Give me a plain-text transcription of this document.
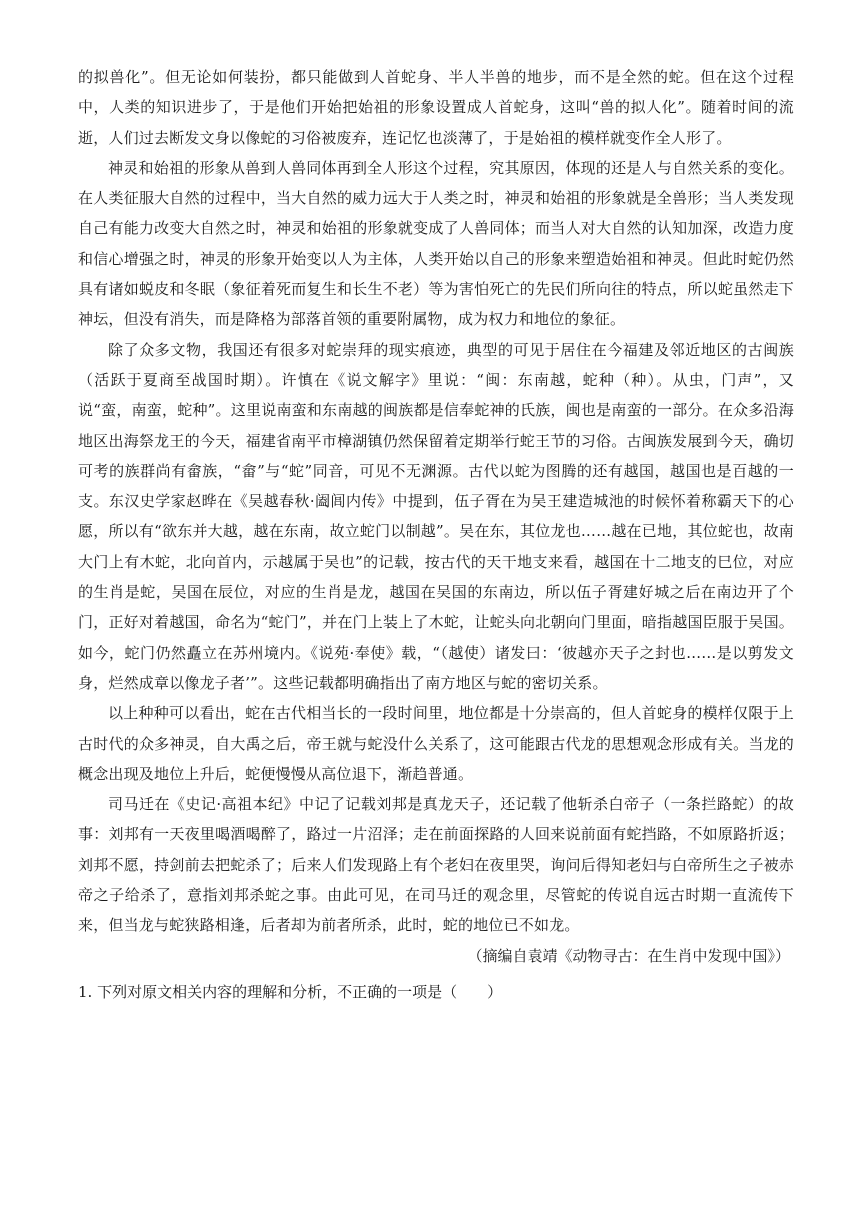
的拟兽化”。但无论如何装扮，都只能做到人首蛇身、半人半兽的地步，而不是全然的蛇。但在这个过程中，人类的知识进步了，于是他们开始把始祖的形象设置成人首蛇身，这叫“兽的拟人化”。随着时间的流逝，人们过去断发文身以像蛇的习俗被废弃，连记忆也淡薄了，于是始祖的模样就变作全人形了。

神灵和始祖的形象从兽到人兽同体再到全人形这个过程，究其原因，体现的还是人与自然关系的变化。在人类征服大自然的过程中，当大自然的威力远大于人类之时，神灵和始祖的形象就是全兽形；当人类发现自己有能力改变大自然之时，神灵和始祖的形象就变成了人兽同体；而当人对大自然的认知加深，改造力度和信心增强之时，神灵的形象开始变以人为主体，人类开始以自己的形象来塑造始祖和神灵。但此时蛇仍然具有诸如蜕皮和冬眠（象征着死而复生和长生不老）等为害怕死亡的先民们所向往的特点，所以蛇虽然走下神坛，但没有消失，而是降格为部落首领的重要附属物，成为权力和地位的象征。

除了众多文物，我国还有很多对蛇崇拜的现实痕迹，典型的可见于居住在今福建及邻近地区的古闽族（活跃于夏商至战国时期）。许慎在《说文解字》里说：“闽：东南越，蛇种（种）。从虫，门声”，又说“蛮，南蛮，蛇种”。这里说南蛮和东南越的闽族都是信奉蛇神的氏族，闽也是南蛮的一部分。在众多沿海地区出海祭龙王的今天，福建省南平市樟湖镇仍然保留着定期举行蛇王节的习俗。古闽族发展到今天，确切可考的族群尚有畲族，“畲”与“蛇”同音，可见不无渊源。古代以蛇为图腾的还有越国，越国也是百越的一支。东汉史学家赵晔在《吴越春秋·阖闾内传》中提到，伍子胥在为吴王建造城池的时候怀着称霸天下的心愿，所以有“欲东并大越，越在东南，故立蛇门以制越”。吴在东，其位龙也……越在已地，其位蛇也，故南大门上有木蛇，北向首内，示越属于吴也”的记载，按古代的天干地支来看，越国在十二地支的巳位，对应的生肖是蛇，吴国在辰位，对应的生肖是龙，越国在吴国的东南边，所以伍子胥建好城之后在南边开了个门，正好对着越国，命名为“蛇门”，并在门上装上了木蛇，让蛇头向北朝向门里面，暗指越国臣服于吴国。如今，蛇门仍然矗立在苏州境内。《说苑·奉使》载，“（越使）诸发曰：‘彼越亦天子之封也……是以剪发文身，烂然成章以像龙子者’”。这些记载都明确指出了南方地区与蛇的密切关系。

以上种种可以看出，蛇在古代相当长的一段时间里，地位都是十分崇高的，但人首蛇身的模样仅限于上古时代的众多神灵，自大禹之后，帝王就与蛇没什么关系了，这可能跟古代龙的思想观念形成有关。当龙的概念出现及地位上升后，蛇便慢慢从高位退下，渐趋普通。

司马迁在《史记·高祖本纪》中记了记载刘邦是真龙天子，还记载了他斩杀白帝子（一条拦路蛇）的故事：刘邦有一天夜里喝酒喝醉了，路过一片沼泽；走在前面探路的人回来说前面有蛇挡路，不如原路折返；刘邦不愿，持剑前去把蛇杀了；后来人们发现路上有个老妇在夜里哭，询问后得知老妇与白帝所生之子被赤帝之子给杀了，意指刘邦杀蛇之事。由此可见，在司马迁的观念里，尽管蛇的传说自远古时期一直流传下来，但当龙与蛇狭路相逢，后者却为前者所杀，此时，蛇的地位已不如龙。

（摘编自袁靖《动物寻古：在生肖中发现中国》）

1. 下列对原文相关内容的理解和分析，不正确的一项是（　　）
